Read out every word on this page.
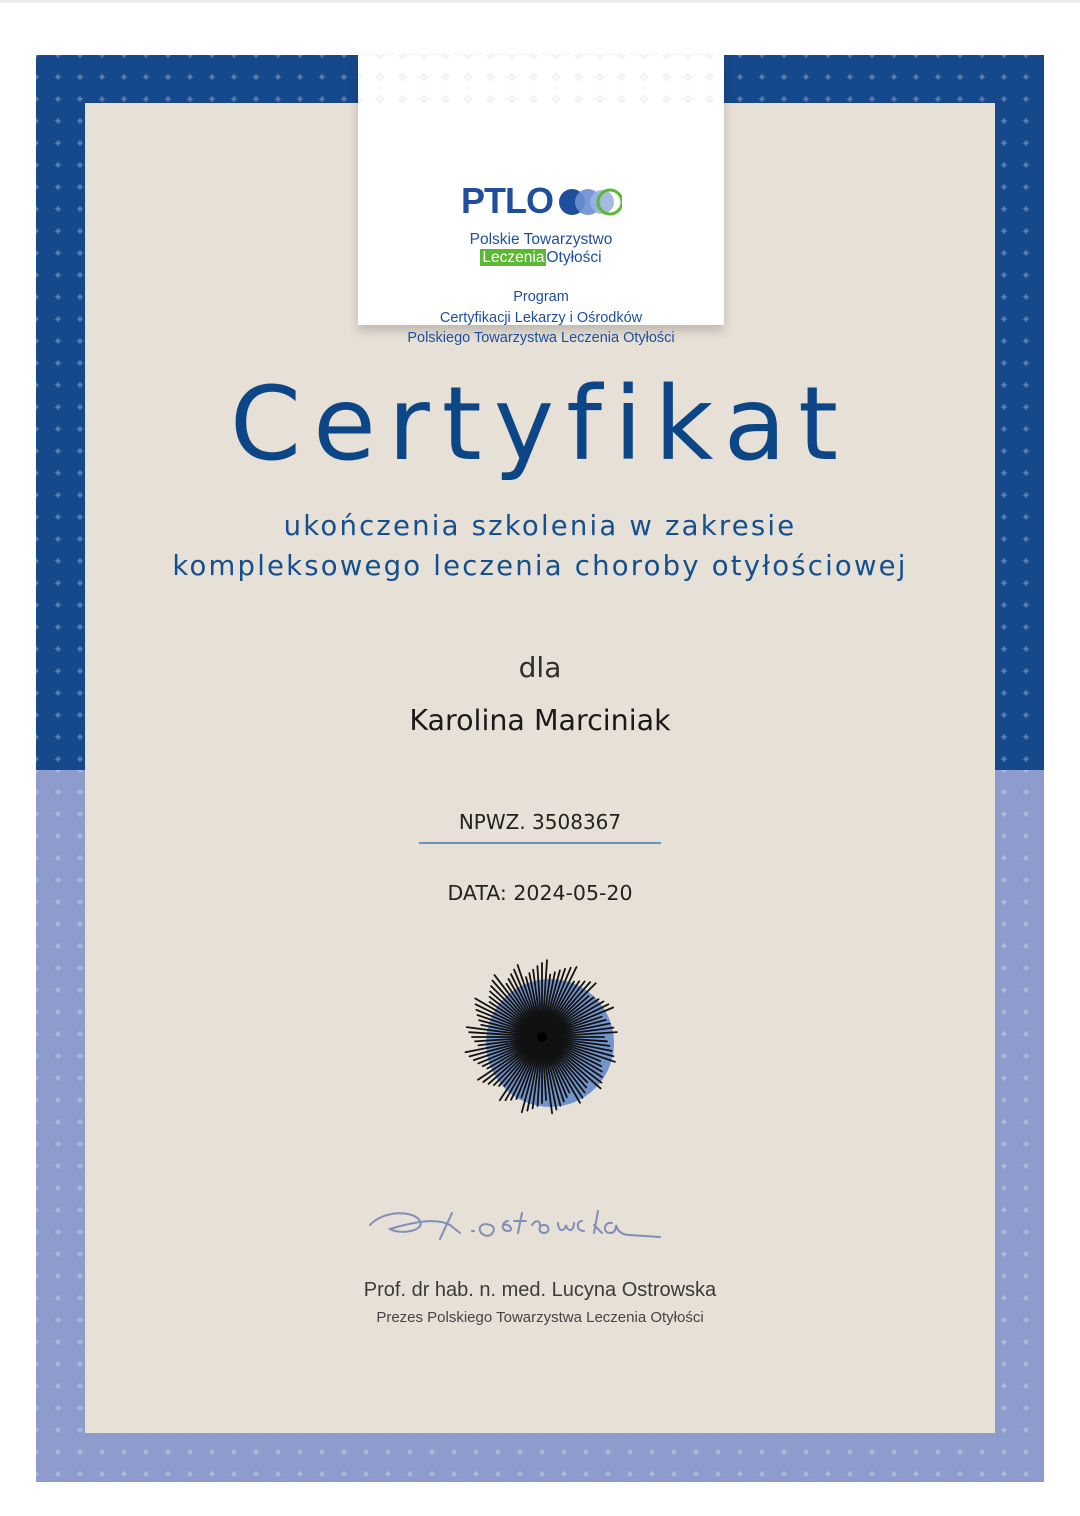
PTLO
Polskie Towarzystwo
Leczenia Otyłości
Program
Certyfikacji Lekarzy i Ośrodków
Polskiego Towarzystwa Leczenia Otyłości
Certyfikat
ukończenia szkolenia w zakresie
kompleksowego leczenia choroby otyłościowej
dla
Karolina Marciniak
NPWZ. 3508367
DATA: 2024-05-20
Prof. dr hab. n. med. Lucyna Ostrowska
Prezes Polskiego Towarzystwa Leczenia Otyłości
